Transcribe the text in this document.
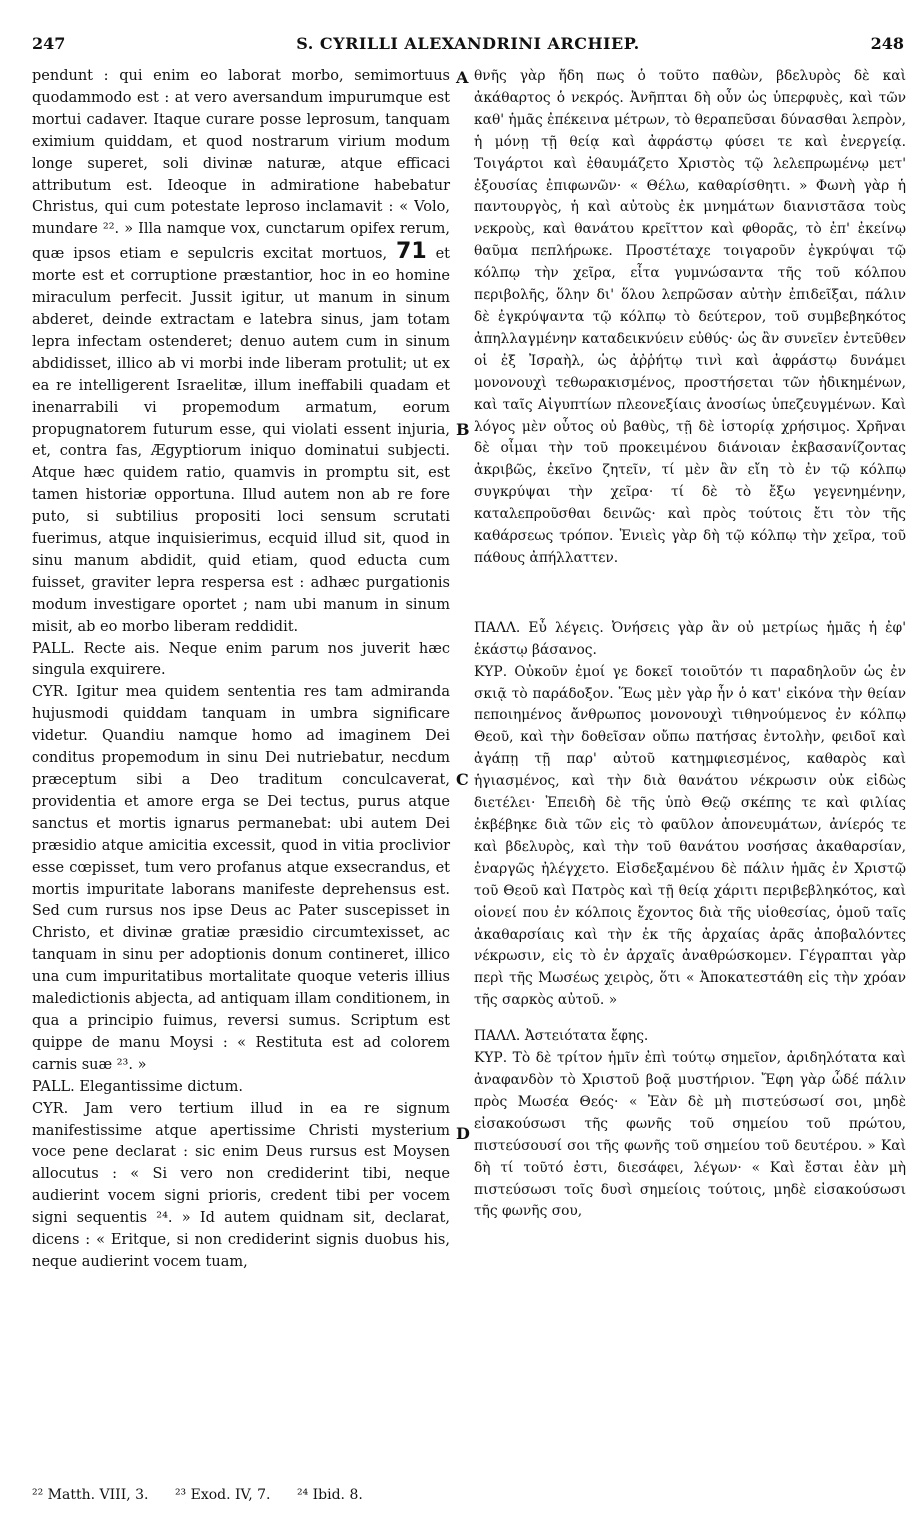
247	S. CYRILLI ALEXANDRINI ARCHIEP.	248

pendunt : qui enim eo laborat morbo, semimortuus quodammodo est : at vero aversandum impurumque est mortui cadaver. Itaque curare posse leprosum, tanquam eximium quiddam, et quod nostrarum virium modum longe superet, soli divinæ naturæ, atque efficaci attributum est. Ideoque in admiratione habebatur Christus, qui cum potestate leproso inclamavit : « Volo, mundare ²². » Illa namque vox, cunctarum opifex rerum, quæ ipsos etiam e sepulcris excitat mortuos, 71 et morte est et corruptione præstantior, hoc in eo homine miraculum perfecit. Jussit igitur, ut manum in sinum abderet, deinde extractam e latebra sinus, jam totam lepra infectam ostenderet; denuo autem cum in sinum abdidisset, illico ab vi morbi inde liberam protulit; ut ex ea re intelligerent Israelitæ, illum ineffabili quadam et inenarrabili vi propemodum armatum, eorum propugnatorem futurum esse, qui violati essent injuria, et, contra fas, Ægyptiorum iniquo dominatui subjecti. Atque hæc quidem ratio, quamvis in promptu sit, est tamen historiæ opportuna. Illud autem non ab re fore puto, si subtilius propositi loci sensum scrutati fuerimus, atque inquisierimus, ecquid illud sit, quod in sinu manum abdidit, quid etiam, quod educta cum fuisset, graviter lepra respersa est : adhæc purgationis modum investigare oportet ; nam ubi manum in sinum misit, ab eo morbo liberam reddidit.

PALL. Recte ais. Neque enim parum nos juverit hæc singula exquirere.

CYR. Igitur mea quidem sententia res tam admiranda hujusmodi quiddam tanquam in umbra significare videtur. Quandiu namque homo ad imaginem Dei conditus propemodum in sinu Dei nutriebatur, necdum præceptum sibi a Deo traditum conculcaverat, providentia et amore erga se Dei tectus, purus atque sanctus et mortis ignarus permanebat: ubi autem Dei præsidio atque amicitia excessit, quod in vitia proclivior esse cœpisset, tum vero profanus atque exsecrandus, et mortis impuritate laborans manifeste deprehensus est. Sed cum rursus nos ipse Deus ac Pater suscepisset in Christo, et divinæ gratiæ præsidio circumtexisset, ac tanquam in sinu per adoptionis donum contineret, illico una cum impuritatibus mortalitate quoque veteris illius maledictionis abjecta, ad antiquam illam conditionem, in qua a principio fuimus, reversi sumus. Scriptum est quippe de manu Moysi : « Restituta est ad colorem carnis suæ ²³. »

PALL. Elegantissime dictum.

CYR. Jam vero tertium illud in ea re signum manifestissime atque apertissime Christi mysterium voce pene declarat : sic enim Deus rursus est Moysen allocutus : « Si vero non crediderint tibi, neque audierint vocem signi prioris, credent tibi per vocem signi sequentis ²⁴. » Id autem quidnam sit, declarat, dicens : « Eritque, si non crediderint signis duobus his, neque audierint vocem tuam,

A
B
C
D

θνῆς γὰρ ἤδη πως ὁ τοῦτο παθὼν, βδελυρὸς δὲ καὶ ἀκάθαρτος ὁ νεκρός. Ἀνῆπται δὴ οὖν ὡς ὑπερφυὲς, καὶ τῶν καθ' ἡμᾶς ἐπέκεινα μέτρων, τὸ θεραπεῦσαι δύνασθαι λεπρὸν, ἡ μόνῃ τῇ θείᾳ καὶ ἀφράστῳ φύσει τε καὶ ἐνεργείᾳ. Τοιγάρτοι καὶ ἐθαυμάζετο Χριστὸς τῷ λελεπρωμένῳ μετ' ἐξουσίας ἐπιφωνῶν· « Θέλω, καθαρίσθητι. » Φωνὴ γὰρ ἡ παντουργὸς, ἡ καὶ αὐτοὺς ἐκ μνημάτων διανιστᾶσα τοὺς νεκροὺς, καὶ θανάτου κρεῖττον καὶ φθορᾶς, τὸ ἐπ' ἐκείνῳ θαῦμα πεπλήρωκε. Προστέταχε τοιγαροῦν ἐγκρύψαι τῷ κόλπῳ τὴν χεῖρα, εἶτα γυμνώσαντα τῆς τοῦ κόλπου περιβολῆς, ὅλην δι' ὅλου λεπρῶσαν αὐτὴν ἐπιδεῖξαι, πάλιν δὲ ἐγκρύψαντα τῷ κόλπῳ τὸ δεύτερον, τοῦ συμβεβηκότος ἀπηλλαγμένην καταδεικνύειν εὐθύς· ὡς ἂν συνεῖεν ἐντεῦθεν οἱ ἐξ Ἰσραὴλ, ὡς ἀῤῥήτῳ τινὶ καὶ ἀφράστῳ δυνάμει μονονουχὶ τεθωρακισμένος, προστήσεται τῶν ἠδικημένων, καὶ ταῖς Αἰγυπτίων πλεονεξίαις ἀνοσίως ὑπεζευγμένων. Καὶ λόγος μὲν οὗτος οὐ βαθὺς, τῇ δὲ ἱστορίᾳ χρήσιμος. Χρῆναι δὲ οἶμαι τὴν τοῦ προκειμένου διάνοιαν ἐκβασανίζοντας ἀκριβῶς, ἐκεῖνο ζητεῖν, τί μὲν ἂν εἴη τὸ ἐν τῷ κόλπῳ συγκρύψαι τὴν χεῖρα· τί δὲ τὸ ἔξω γεγενημένην, καταλεπροῦσθαι δεινῶς· καὶ πρὸς τούτοις ἔτι τὸν τῆς καθάρσεως τρόπον. Ἐνιεὶς γὰρ δὴ τῷ κόλπῳ τὴν χεῖρα, τοῦ πάθους ἀπήλλαττεν.

ΠΑΛΛ. Εὖ λέγεις. Ὀνήσεις γὰρ ἂν οὐ μετρίως ἡμᾶς ἡ ἐφ' ἑκάστῳ βάσανος.

ΚΥΡ. Οὐκοῦν ἐμοί γε δοκεῖ τοιοῦτόν τι παραδηλοῦν ὡς ἐν σκιᾷ τὸ παράδοξον. Ἕως μὲν γὰρ ἦν ὁ κατ' εἰκόνα τὴν θείαν πεποιημένος ἄνθρωπος μονονουχὶ τιθηνούμενος ἐν κόλπῳ Θεοῦ, καὶ τὴν δοθεῖσαν οὔπω πατήσας ἐντολὴν, φειδοῖ καὶ ἀγάπῃ τῇ παρ' αὐτοῦ κατημφιεσμένος, καθαρὸς καὶ ἡγιασμένος, καὶ τὴν διὰ θανάτου νέκρωσιν οὐκ εἰδὼς διετέλει· Ἐπειδὴ δὲ τῆς ὑπὸ Θεῷ σκέπης τε καὶ φιλίας ἐκβέβηκε διὰ τῶν εἰς τὸ φαῦλον ἀπονευμάτων, ἀνίερός τε καὶ βδελυρὸς, καὶ τὴν τοῦ θανάτου νοσήσας ἀκαθαρσίαν, ἐναργῶς ἠλέγχετο. Εἰσδεξαμένου δὲ πάλιν ἡμᾶς ἐν Χριστῷ τοῦ Θεοῦ καὶ Πατρὸς καὶ τῇ θείᾳ χάριτι περιβεβληκότος, καὶ οἱονεί που ἐν κόλποις ἔχοντος διὰ τῆς υἱοθεσίας, ὁμοῦ ταῖς ἀκαθαρσίαις καὶ τὴν ἐκ τῆς ἀρχαίας ἀρᾶς ἀποβαλόντες νέκρωσιν, εἰς τὸ ἐν ἀρχαῖς ἀναθρώσκομεν. Γέγραπται γὰρ περὶ τῆς Μωσέως χειρὸς, ὅτι « Ἀποκατεστάθη εἰς τὴν χρόαν τῆς σαρκὸς αὐτοῦ. »

ΠΑΛΛ. Ἀστειότατα ἔφης.

ΚΥΡ. Τὸ δὲ τρίτον ἡμῖν ἐπὶ τούτῳ σημεῖον, ἀριδηλότατα καὶ ἀναφανδὸν τὸ Χριστοῦ βοᾷ μυστήριον. Ἔφη γὰρ ὧδέ πάλιν πρὸς Μωσέα Θεός· « Ἐὰν δὲ μὴ πιστεύσωσί σοι, μηδὲ εἰσακούσωσι τῆς φωνῆς τοῦ σημείου τοῦ πρώτου, πιστεύσουσί σοι τῆς φωνῆς τοῦ σημείου τοῦ δευτέρου. » Καὶ δὴ τί τοῦτό ἐστι, διεσάφει, λέγων· « Καὶ ἔσται ἐὰν μὴ πιστεύσωσι τοῖς δυσὶ σημείοις τούτοις, μηδὲ εἰσακούσωσι τῆς φωνῆς σου,

²² Matth. VIII, 3. ²³ Exod. IV, 7. ²⁴ Ibid. 8.
